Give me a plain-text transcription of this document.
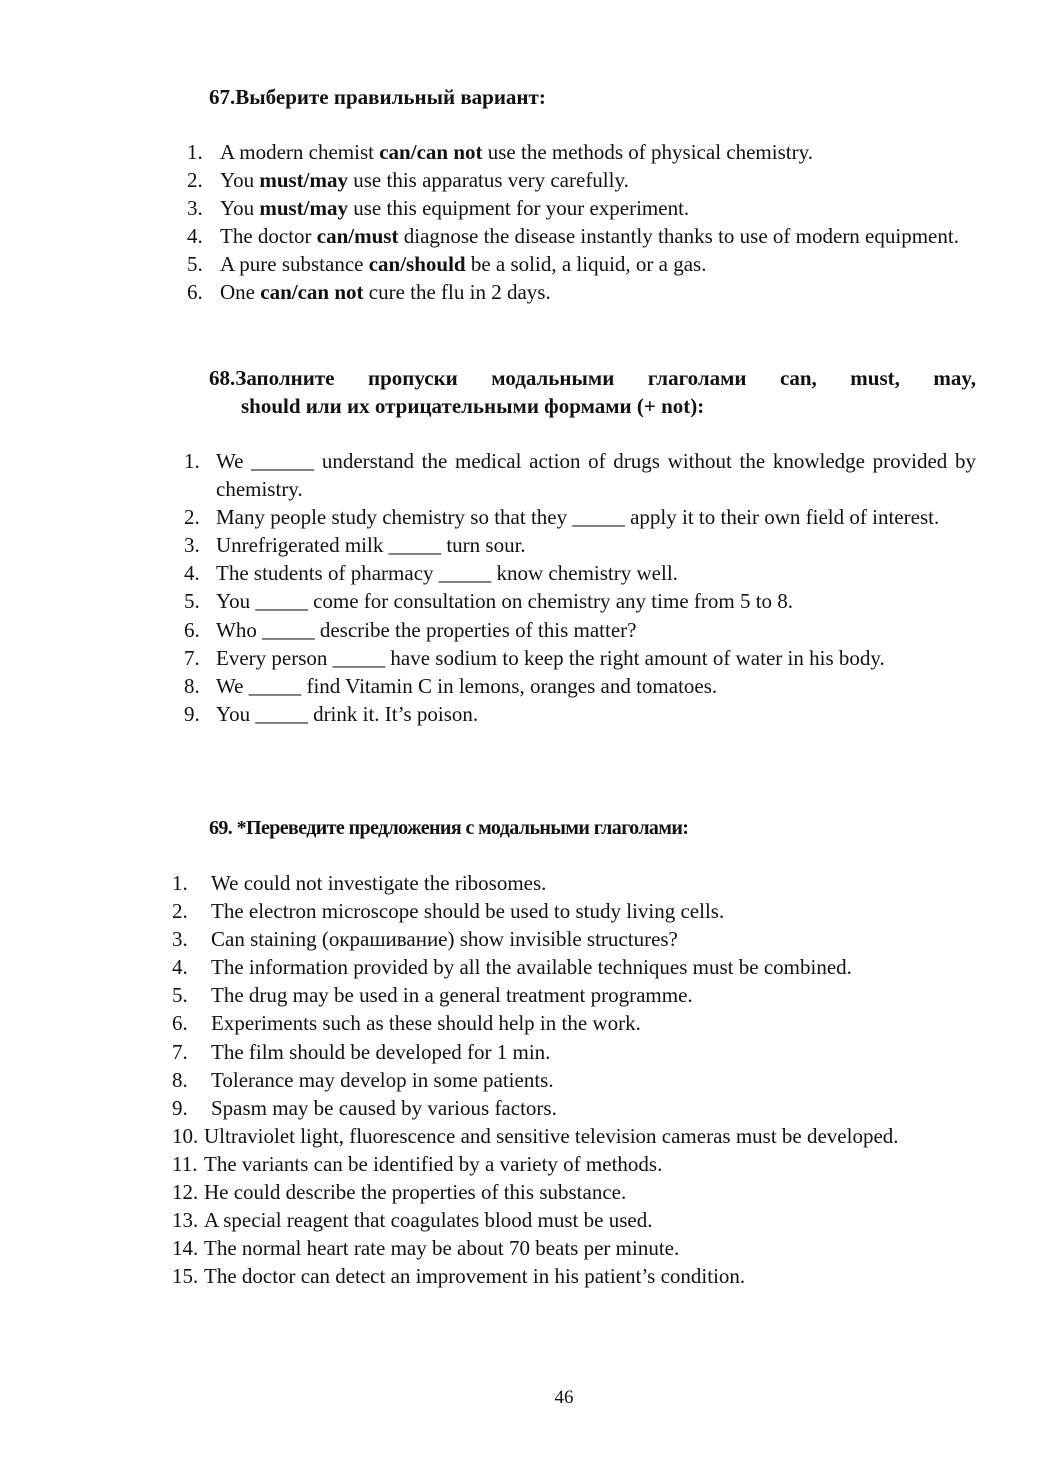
67.Выберите правильный вариант:
1. A modern chemist can/can not use the methods of physical chemistry.
2. You must/may use this apparatus very carefully.
3. You must/may use this equipment for your experiment.
4. The doctor can/must diagnose the disease instantly thanks to use of modern equipment.
5. A pure substance can/should be a solid, a liquid, or a gas.
6. One can/can not cure the flu in 2 days.
68.Заполните пропуски модальными глаголами can, must, may,
should или их отрицательными формами (+ not):
1. We ______ understand the medical action of drugs without the knowledge provided by chemistry.
2. Many people study chemistry so that they _____ apply it to their own field of interest.
3. Unrefrigerated milk _____ turn sour.
4. The students of pharmacy _____ know chemistry well.
5. You _____ come for consultation on chemistry any time from 5 to 8.
6. Who _____ describe the properties of this matter?
7. Every person _____ have sodium to keep the right amount of water in his body.
8. We _____ find Vitamin C in lemons, oranges and tomatoes.
9. You _____ drink it. It’s poison.
69. *Переведите предложения с модальными глаголами:
1. We could not investigate the ribosomes.
2. The electron microscope should be used to study living cells.
3. Can staining (окрашивание) show invisible structures?
4. The information provided by all the available techniques must be combined.
5. The drug may be used in a general treatment programme.
6. Experiments such as these should help in the work.
7. The film should be developed for 1 min.
8. Tolerance may develop in some patients.
9. Spasm may be caused by various factors.
10. Ultraviolet light, fluorescence and sensitive television cameras must be developed.
11. The variants can be identified by a variety of methods.
12. He could describe the properties of this substance.
13. A special reagent that coagulates blood must be used.
14. The normal heart rate may be about 70 beats per minute.
15. The doctor can detect an improvement in his patient’s condition.
46
